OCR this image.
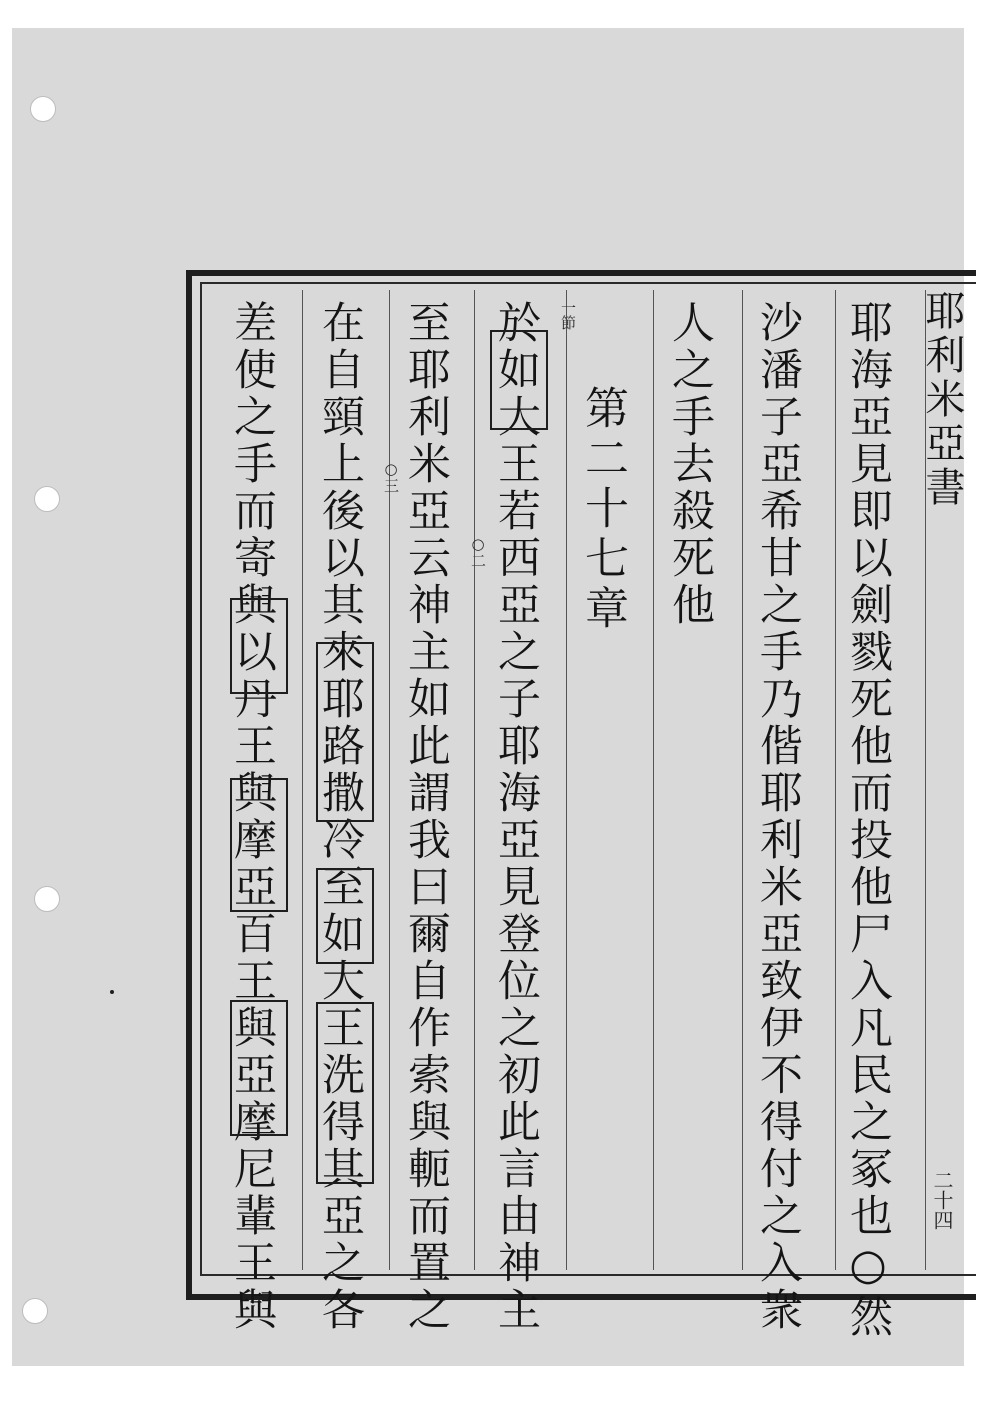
耶利米亞書
二十四
耶海亞見即以劍戮死他而投他尸入凡民之冢也○然
沙潘子亞希甘之手乃偕耶利米亞致伊不得付之入衆
人之手去殺死他
第二十七章
於如大王若西亞之子耶海亞見登位之初此言由神主
至耶利米亞云神主如此謂我曰爾自作索與軛而置之
在自頸上後以其來耶路撒冷至如大王洗得其亞之各
差使之手而寄與以丹王與摩亞百王與亞摩尼輩王與	一節
○二
○三
